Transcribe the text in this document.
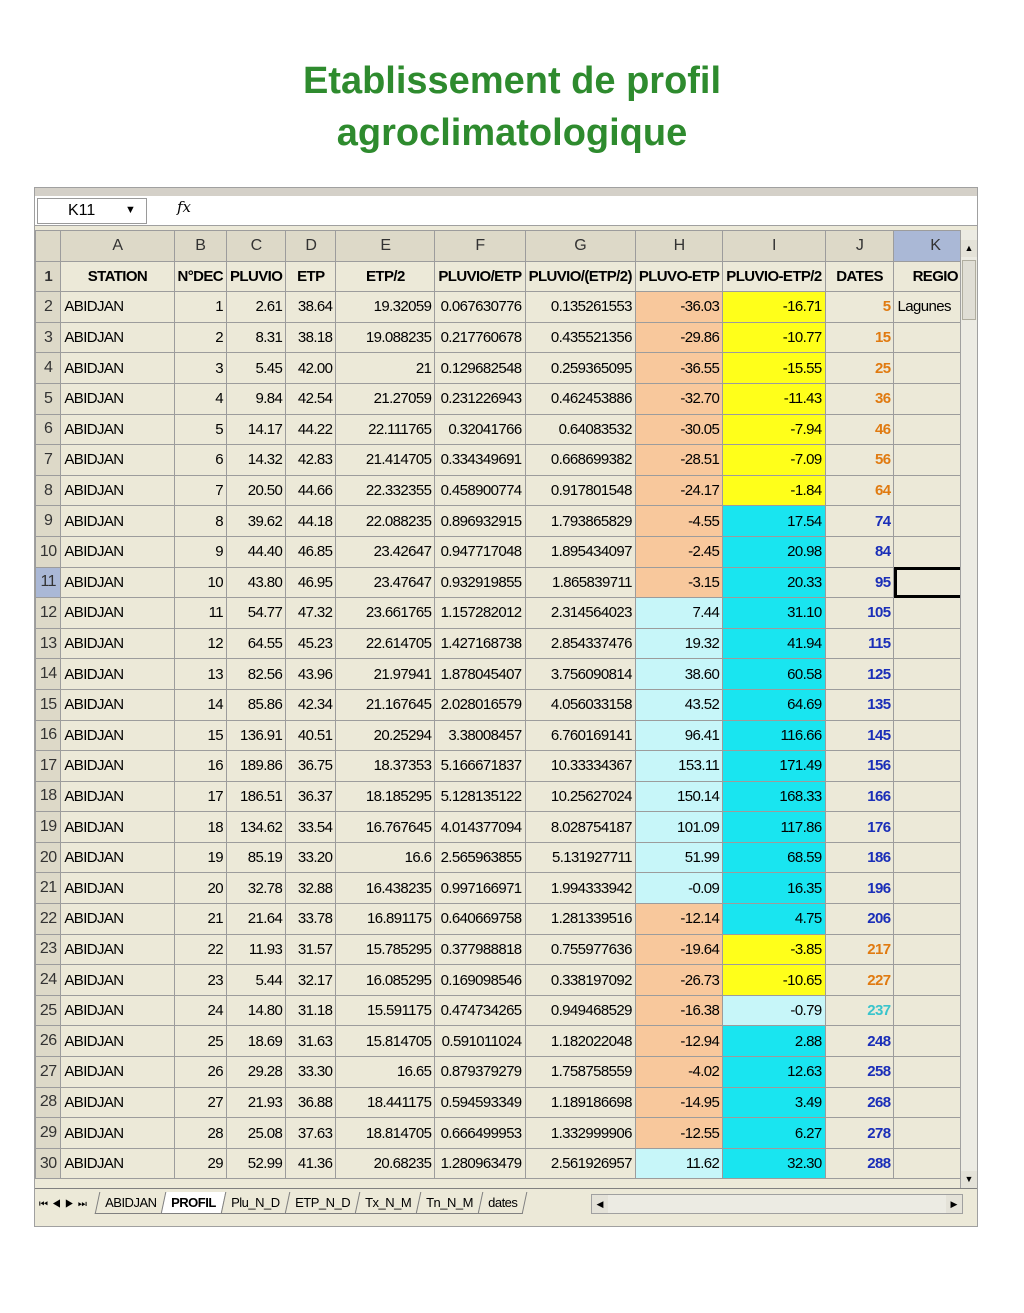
Etablissement de profil
agroclimatologique
K11	▼	fx
	A	B	C	D	E	F	G	H	I	J	K
1	STATION	N°DEC	PLUVIO	ETP	ETP/2	PLUVIO/ETP	PLUVIO/(ETP/2)	PLUVO-ETP	PLUVIO-ETP/2	DATES	REGIO
2	ABIDJAN	1	2.61	38.64	19.32059	0.067630776	0.135261553	-36.03	-16.71	5	Lagunes
3	ABIDJAN	2	8.31	38.18	19.088235	0.217760678	0.435521356	-29.86	-10.77	15	
4	ABIDJAN	3	5.45	42.00	21	0.129682548	0.259365095	-36.55	-15.55	25	
5	ABIDJAN	4	9.84	42.54	21.27059	0.231226943	0.462453886	-32.70	-11.43	36	
6	ABIDJAN	5	14.17	44.22	22.111765	0.32041766	0.64083532	-30.05	-7.94	46	
7	ABIDJAN	6	14.32	42.83	21.414705	0.334349691	0.668699382	-28.51	-7.09	56	
8	ABIDJAN	7	20.50	44.66	22.332355	0.458900774	0.917801548	-24.17	-1.84	64	
9	ABIDJAN	8	39.62	44.18	22.088235	0.896932915	1.793865829	-4.55	17.54	74	
10	ABIDJAN	9	44.40	46.85	23.42647	0.947717048	1.895434097	-2.45	20.98	84	
11	ABIDJAN	10	43.80	46.95	23.47647	0.932919855	1.865839711	-3.15	20.33	95	
12	ABIDJAN	11	54.77	47.32	23.661765	1.157282012	2.314564023	7.44	31.10	105	
13	ABIDJAN	12	64.55	45.23	22.614705	1.427168738	2.854337476	19.32	41.94	115	
14	ABIDJAN	13	82.56	43.96	21.97941	1.878045407	3.756090814	38.60	60.58	125	
15	ABIDJAN	14	85.86	42.34	21.167645	2.028016579	4.056033158	43.52	64.69	135	
16	ABIDJAN	15	136.91	40.51	20.25294	3.38008457	6.760169141	96.41	116.66	145	
17	ABIDJAN	16	189.86	36.75	18.37353	5.166671837	10.33334367	153.11	171.49	156	
18	ABIDJAN	17	186.51	36.37	18.185295	5.128135122	10.25627024	150.14	168.33	166	
19	ABIDJAN	18	134.62	33.54	16.767645	4.014377094	8.028754187	101.09	117.86	176	
20	ABIDJAN	19	85.19	33.20	16.6	2.565963855	5.131927711	51.99	68.59	186	
21	ABIDJAN	20	32.78	32.88	16.438235	0.997166971	1.994333942	-0.09	16.35	196	
22	ABIDJAN	21	21.64	33.78	16.891175	0.640669758	1.281339516	-12.14	4.75	206	
23	ABIDJAN	22	11.93	31.57	15.785295	0.377988818	0.755977636	-19.64	-3.85	217	
24	ABIDJAN	23	5.44	32.17	16.085295	0.169098546	0.338197092	-26.73	-10.65	227	
25	ABIDJAN	24	14.80	31.18	15.591175	0.474734265	0.949468529	-16.38	-0.79	237	
26	ABIDJAN	25	18.69	31.63	15.814705	0.591011024	1.182022048	-12.94	2.88	248	
27	ABIDJAN	26	29.28	33.30	16.65	0.879379279	1.758758559	-4.02	12.63	258	
28	ABIDJAN	27	21.93	36.88	18.441175	0.594593349	1.189186698	-14.95	3.49	268	
29	ABIDJAN	28	25.08	37.63	18.814705	0.666499953	1.332999906	-12.55	6.27	278	
30	ABIDJAN	29	52.99	41.36	20.68235	1.280963479	2.561926957	11.62	32.30	288	
▲
▼
⏮◀▶⏭	ABIDJAN	PROFIL	Plu_N_D	ETP_N_D	Tx_N_M	Tn_N_M	dates	◀	▶
